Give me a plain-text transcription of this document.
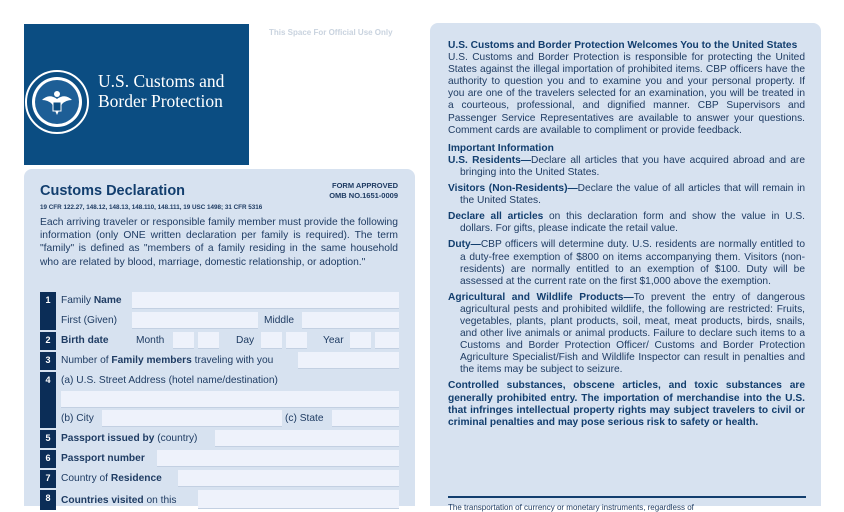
U.S. Customs and
Border Protection
This Space For Official Use Only
Customs Declaration	FORM APPROVED
OMB NO.1651-0009
19 CFR 122.27, 148.12, 148.13, 148.110, 148.111, 19 USC 1498; 31 CFR 5316
Each arriving traveler or responsible family member must provide the following information (only ONE written declaration per family is required). The term "family" is defined as "members of a family residing in the same household who are related by blood, marriage, domestic relationship, or adoption."
1	Family Name
First (Given)	Middle
2	Birth date	Month	Day	Year
3	Number of Family members traveling with you
4	(a) U.S. Street Address (hotel name/destination)
(b) City	(c) State
5	Passport issued by (country)
6	Passport number
7	Country of Residence
8	Countries visited on this
U.S. Customs and Border Protection Welcomes You to the United States

U.S. Customs and Border Protection is responsible for protecting the United States against the illegal importation of prohibited items. CBP officers have the authority to question you and to examine you and your personal property. If you are one of the travelers selected for an examination, you will be treated in a courteous, professional, and dignified manner. CBP Supervisors and Passenger Service Representatives are available to answer your questions. Comment cards are available to compliment or provide feedback.

Important Information
U.S. Residents—Declare all articles that you have acquired abroad and are bringing into the United States.
Visitors (Non-Residents)—Declare the value of all articles that will remain in the United States.
Declare all articles on this declaration form and show the value in U.S. dollars. For gifts, please indicate the retail value.
Duty—CBP officers will determine duty. U.S. residents are normally entitled to a duty-free exemption of $800 on items accompanying them. Visitors (non-residents) are normally entitled to an exemption of $100. Duty will be assessed at the current rate on the first $1,000 above the exemption.
Agricultural and Wildlife Products—To prevent the entry of dangerous agricultural pests and prohibited wildlife, the following are restricted: Fruits, vegetables, plants, plant products, soil, meat, meat products, birds, snails, and other live animals or animal products. Failure to declare such items to a Customs and Border Protection Officer/ Customs and Border Protection Agriculture Specialist/Fish and Wildlife Inspector can result in penalties and the items may be subject to seizure.

Controlled substances, obscene articles, and toxic substances are generally prohibited entry. The importation of merchandise into the U.S. that infringes intellectual property rights may subject travelers to civil or criminal penalties and may pose serious risk to safety or health.

The transportation of currency or monetary instruments, regardless of
